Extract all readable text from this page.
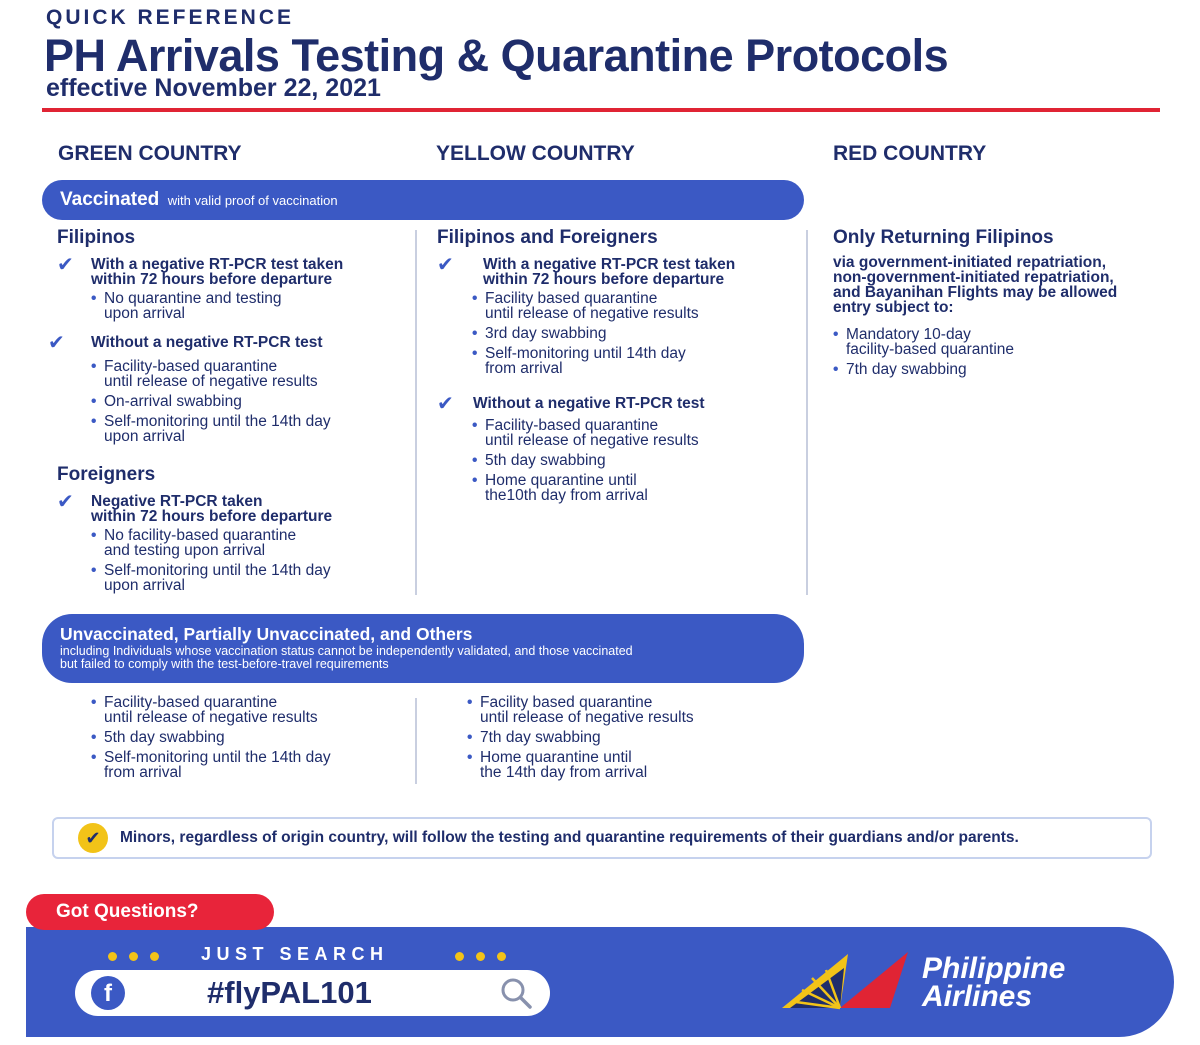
QUICK REFERENCE
PH Arrivals Testing & Quarantine Protocols
effective November 22, 2021
GREEN COUNTRY	YELLOW COUNTRY	RED COUNTRY
Vaccinated with valid proof of vaccination
Filipinos
✔	With a negative RT-PCR test taken
within 72 hours before departure
• No quarantine and testing
upon arrival
✔	Without a negative RT-PCR test
• Facility-based quarantine
until release of negative results
• On-arrival swabbing
• Self-monitoring until the 14th day
upon arrival
Foreigners
✔	Negative RT-PCR taken
within 72 hours before departure
• No facility-based quarantine
and testing upon arrival
• Self-monitoring until the 14th day
upon arrival
Filipinos and Foreigners
✔	With a negative RT-PCR test taken
within 72 hours before departure
• Facility based quarantine
until release of negative results
• 3rd day swabbing
• Self-monitoring until 14th day
from arrival
✔	Without a negative RT-PCR test
• Facility-based quarantine
until release of negative results
• 5th day swabbing
• Home quarantine until
the10th day from arrival
Only Returning Filipinos
via government-initiated repatriation,
non-government-initiated repatriation,
and Bayanihan Flights may be allowed
entry subject to:
• Mandatory 10-day
facility-based quarantine
• 7th day swabbing
Unvaccinated, Partially Unvaccinated, and Others
including Individuals whose vaccination status cannot be independently validated, and those vaccinated
but failed to comply with the test-before-travel requirements
• Facility-based quarantine
until release of negative results
• 5th day swabbing
• Self-monitoring until the 14th day
from arrival
• Facility based quarantine
until release of negative results
• 7th day swabbing
• Home quarantine until
the 14th day from arrival
✔	Minors, regardless of origin country, will follow the testing and quarantine requirements of their guardians and/or parents.
Got Questions?
JUST SEARCH
f	#flyPAL101
Philippine
Airlines
